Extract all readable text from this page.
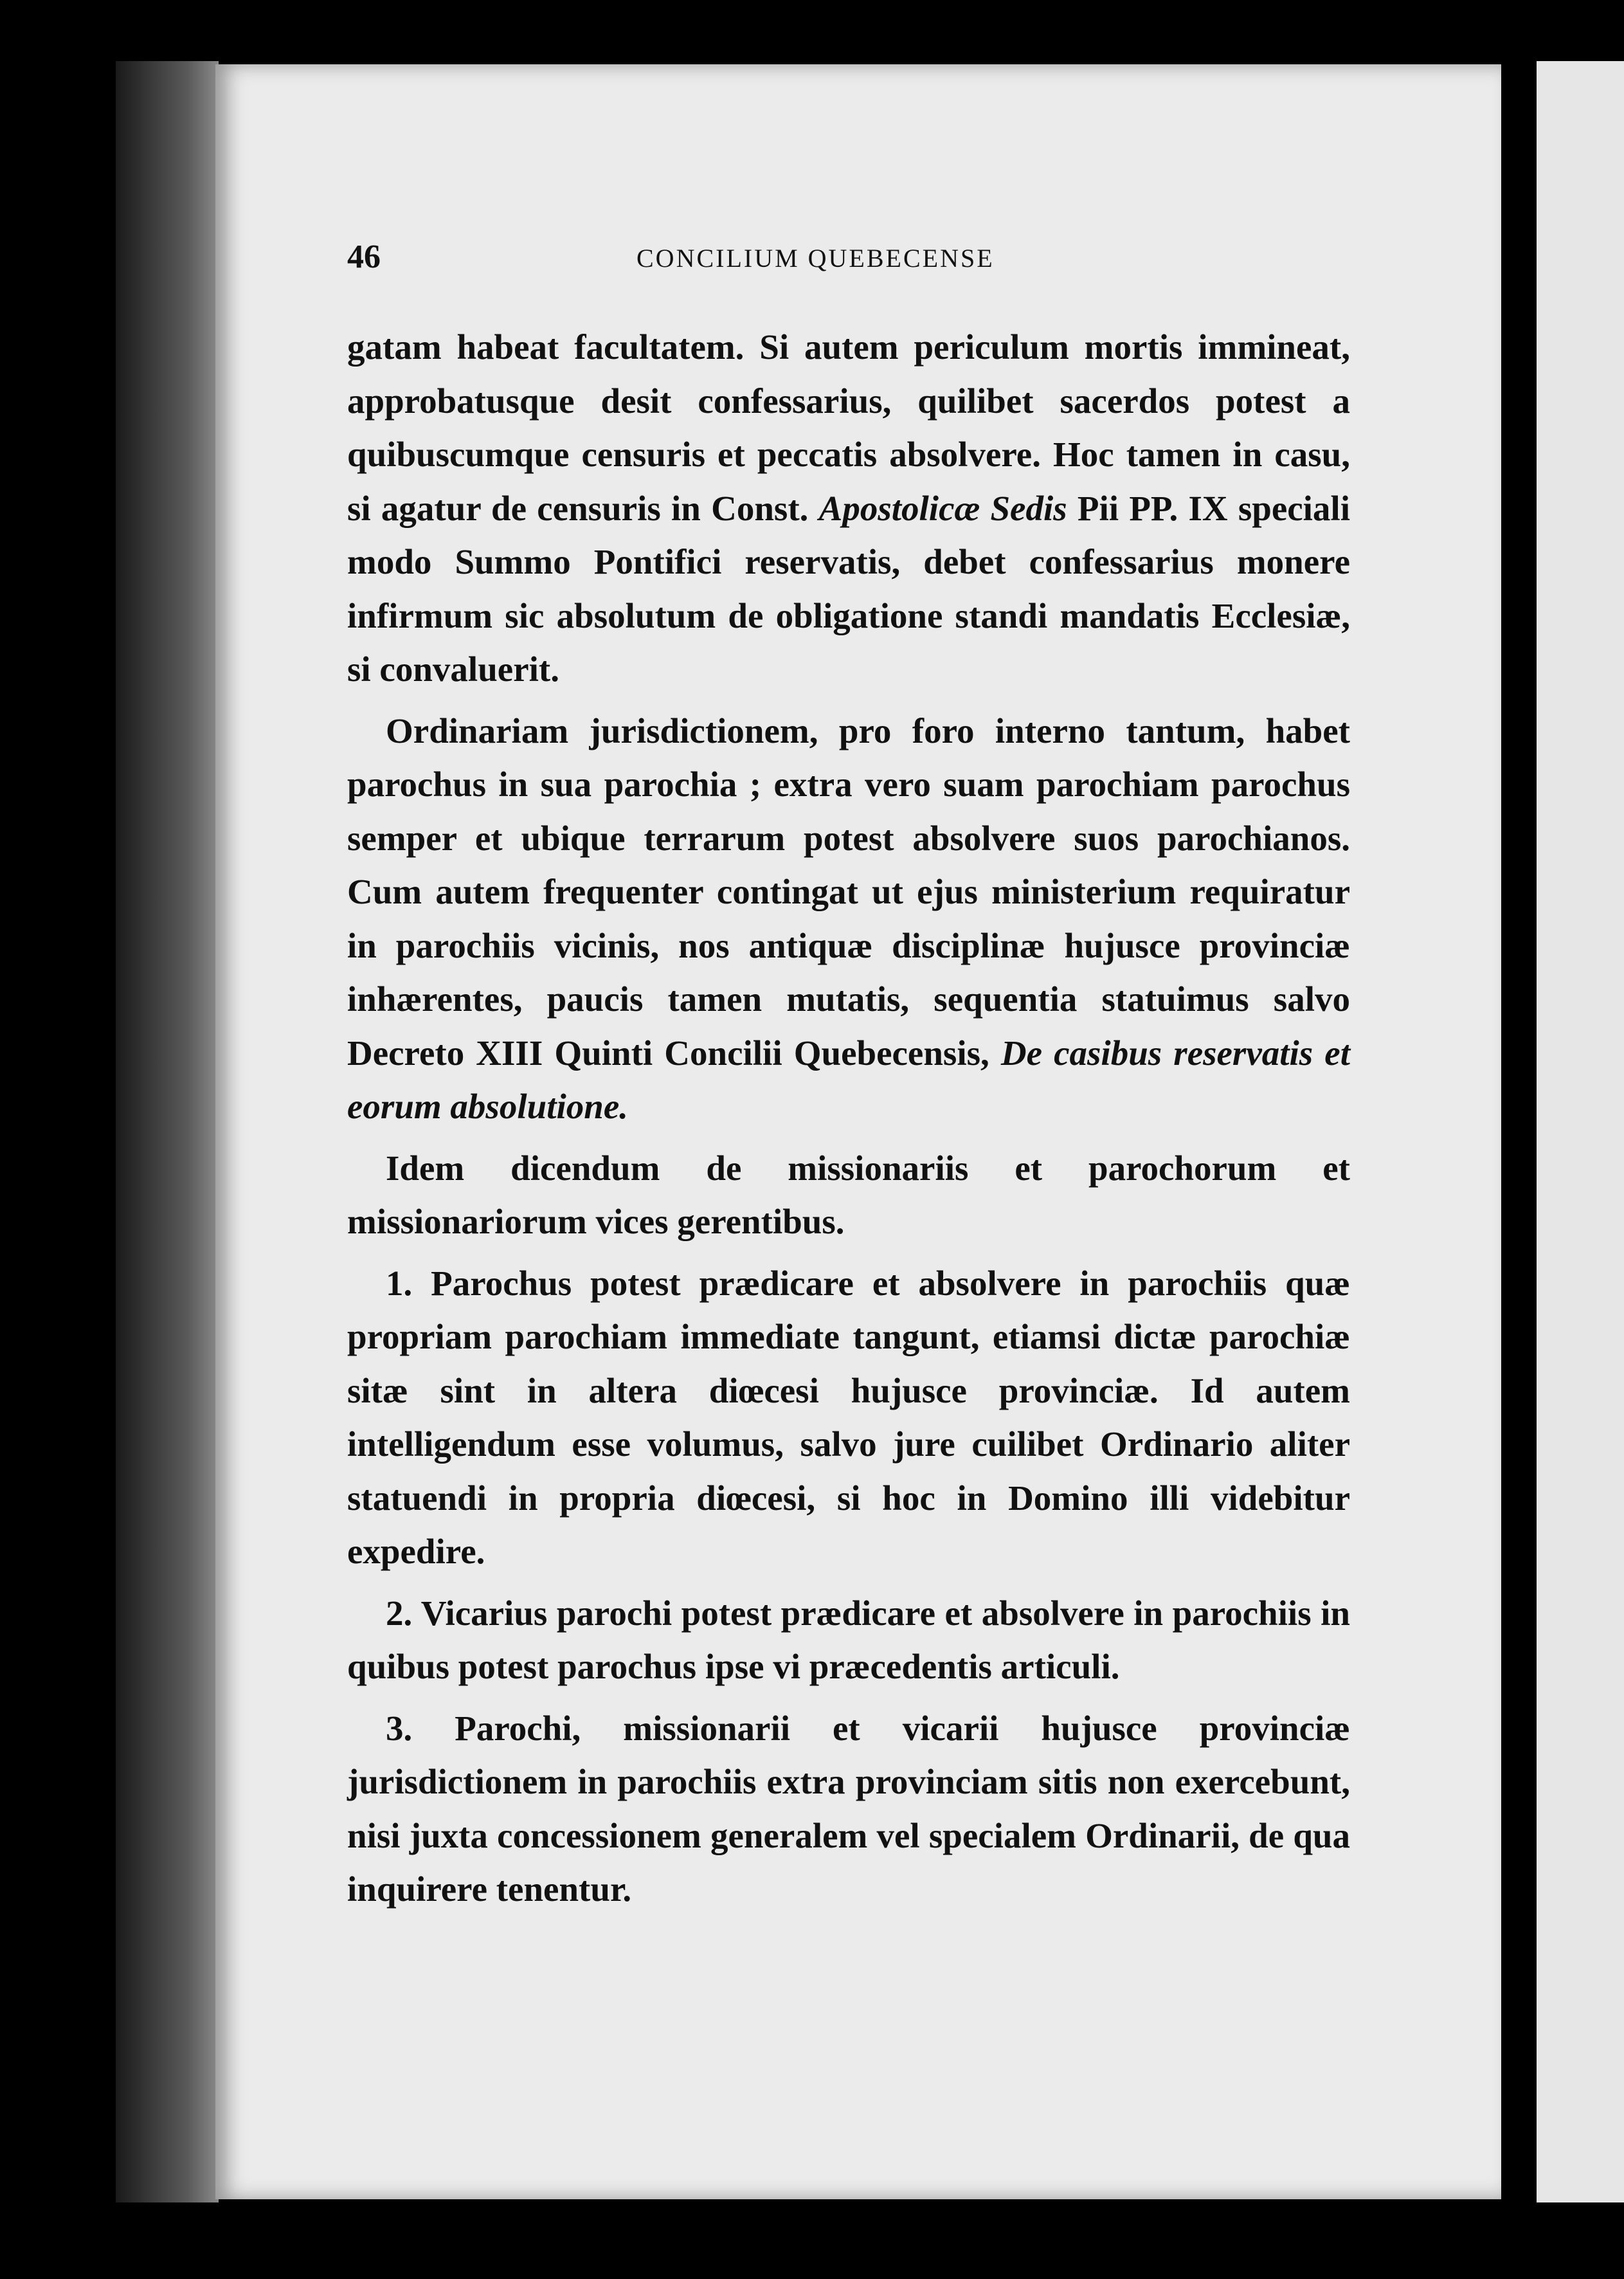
46	CONCILIUM QUEBECENSE

gatam habeat facultatem. Si autem periculum mortis immineat, approbatusque desit confessarius, quilibet sacerdos potest a quibuscumque censuris et peccatis absolvere. Hoc tamen in casu, si agatur de censuris in Const. Apostolicæ Sedis Pii PP. IX speciali modo Summo Pontifici reservatis, debet confessarius monere infirmum sic absolutum de obligatione standi mandatis Ecclesiæ, si convaluerit.

Ordinariam jurisdictionem, pro foro interno tantum, habet parochus in sua parochia ; extra vero suam parochiam parochus semper et ubique terrarum potest absolvere suos parochianos. Cum autem frequenter contingat ut ejus ministerium requiratur in parochiis vicinis, nos antiquæ disciplinæ hujusce provinciæ inhærentes, paucis tamen mutatis, sequentia statuimus salvo Decreto XIII Quinti Concilii Quebecensis, De casibus reservatis et eorum absolutione.

Idem dicendum de missionariis et parochorum et missionariorum vices gerentibus.

1. Parochus potest prædicare et absolvere in parochiis quæ propriam parochiam immediate tangunt, etiamsi dictæ parochiæ sitæ sint in altera diœcesi hujusce provinciæ. Id autem intelligendum esse volumus, salvo jure cuilibet Ordinario aliter statuendi in propria diœcesi, si hoc in Domino illi videbitur expedire.

2. Vicarius parochi potest prædicare et absolvere in parochiis in quibus potest parochus ipse vi præcedentis articuli.

3. Parochi, missionarii et vicarii hujusce provinciæ jurisdictionem in parochiis extra provinciam sitis non exercebunt, nisi juxta concessionem generalem vel specialem Ordinarii, de qua inquirere tenentur.
